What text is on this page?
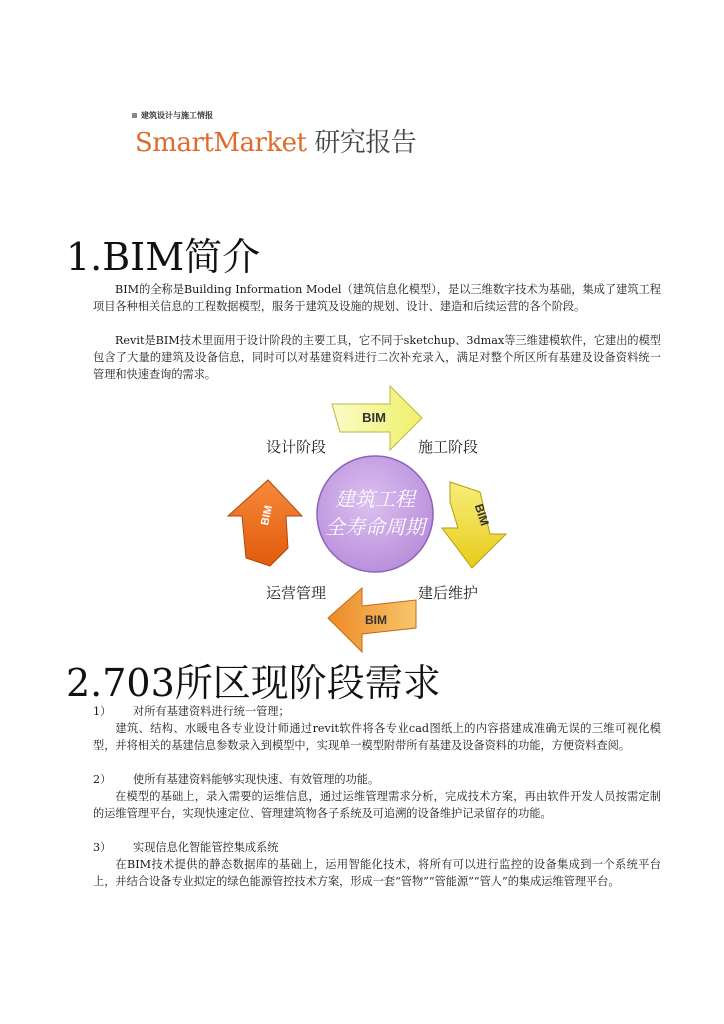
建筑设计与施工情报
SmartMarket 研究报告
1.BIM简介

BIM的全称是Building Information Model（建筑信息化模型），是以三维数字技术为基础，集成了建筑工程项目各种相关信息的工程数据模型，服务于建筑及设施的规划、设计、建造和后续运营的各个阶段。

Revit是BIM技术里面用于设计阶段的主要工具，它不同于sketchup、3dmax等三维建模软件，它建出的模型包含了大量的建筑及设备信息，同时可以对基建资料进行二次补充录入，满足对整个所区所有基建及设备资料统一管理和快速查询的需求。

BIM
BIM
BIM
BIM
建筑工程
全寿命周期
设计阶段	施工阶段
建后维护
运营管理
2.703所区现阶段需求
1） 对所有基建资料进行统一管理；

建筑、结构、水暖电各专业设计师通过revit软件将各专业cad图纸上的内容搭建成准确无误的三维可视化模型，并将相关的基建信息参数录入到模型中，实现单一模型附带所有基建及设备资料的功能，方便资料查阅。

2） 使所有基建资料能够实现快速、有效管理的功能。

在模型的基础上，录入需要的运维信息，通过运维管理需求分析，完成技术方案，再由软件开发人员按需定制的运维管理平台，实现快速定位、管理建筑物各子系统及可追溯的设备维护记录留存的功能。

3） 实现信息化智能管控集成系统

在BIM技术提供的静态数据库的基础上，运用智能化技术，将所有可以进行监控的设备集成到一个系统平台上，并结合设备专业拟定的绿色能源管控技术方案，形成一套“管物”“管能源”“管人”的集成运维管理平台。
